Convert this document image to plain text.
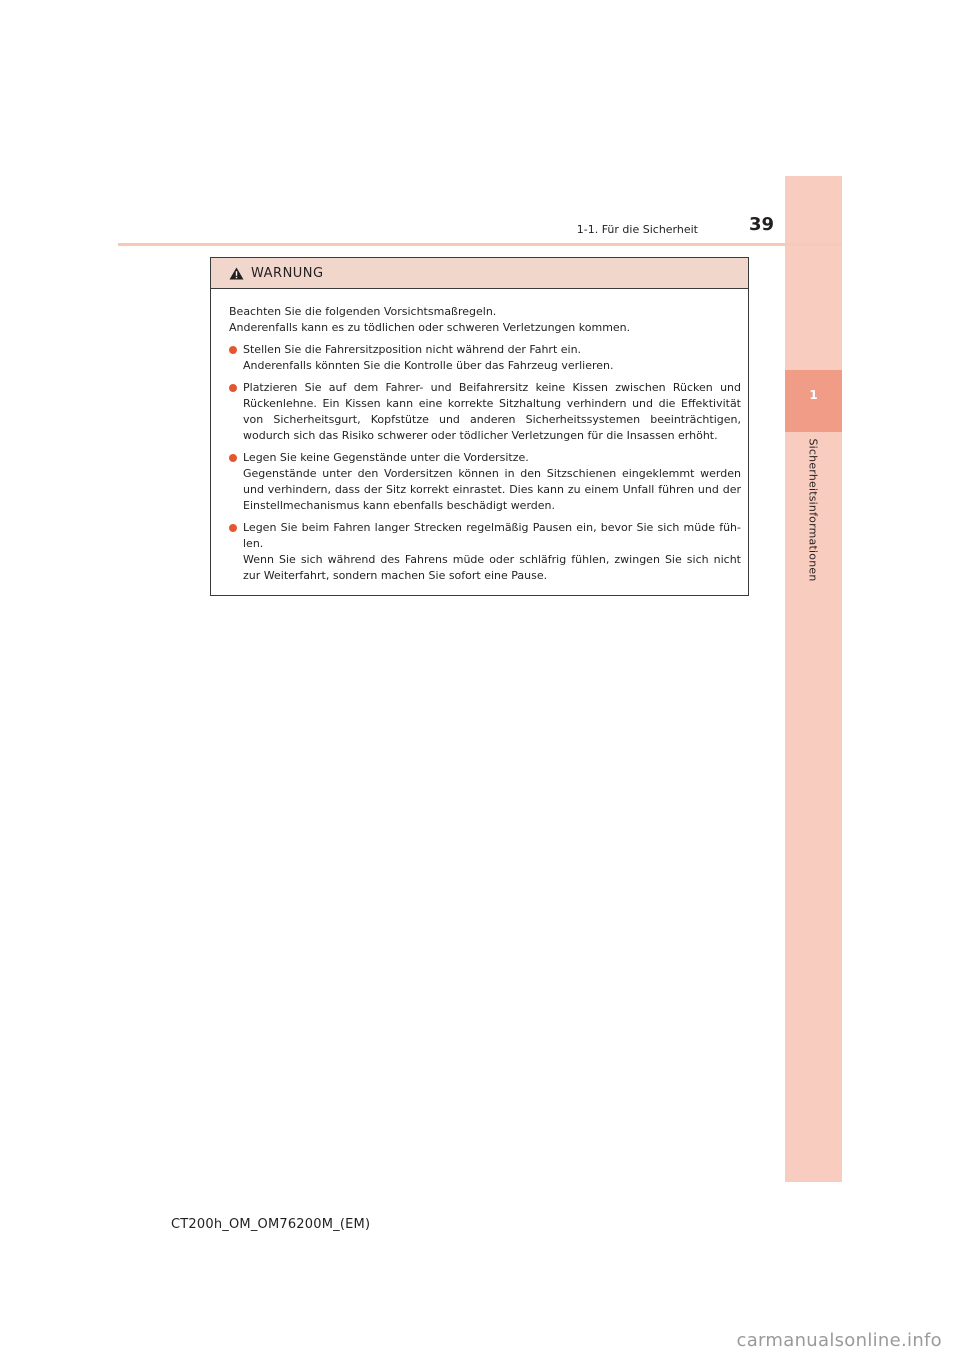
1
Sicherheitsinformationen
1-1. Für die Sicherheit	39
WARNUNG
Beachten Sie die folgenden Vorsichtsmaßregeln.
Anderenfalls kann es zu tödlichen oder schweren Verletzungen kommen.
Stellen Sie die Fahrersitzposition nicht während der Fahrt ein.
Anderenfalls könnten Sie die Kontrolle über das Fahrzeug verlieren.
Platzieren Sie auf dem Fahrer- und Beifahrersitz keine Kissen zwischen Rücken und Rückenlehne. Ein Kissen kann eine korrekte Sitzhaltung verhindern und die Effektivität von Sicherheitsgurt, Kopfstütze und anderen Sicherheitssystemen beeinträchtigen, wodurch sich das Risiko schwerer oder tödlicher Verletzungen für die Insassen erhöht.
Legen Sie keine Gegenstände unter die Vordersitze.
Gegenstände unter den Vordersitzen können in den Sitzschienen eingeklemmt werden und verhindern, dass der Sitz korrekt einrastet. Dies kann zu einem Unfall führen und der Einstellmechanismus kann ebenfalls beschädigt werden.
Legen Sie beim Fahren langer Strecken regelmäßig Pausen ein, bevor Sie sich müde füh-len.
Wenn Sie sich während des Fahrens müde oder schläfrig fühlen, zwingen Sie sich nicht zur Weiterfahrt, sondern machen Sie sofort eine Pause.
CT200h_OM_OM76200M_(EM)
carmanualsonline.info
